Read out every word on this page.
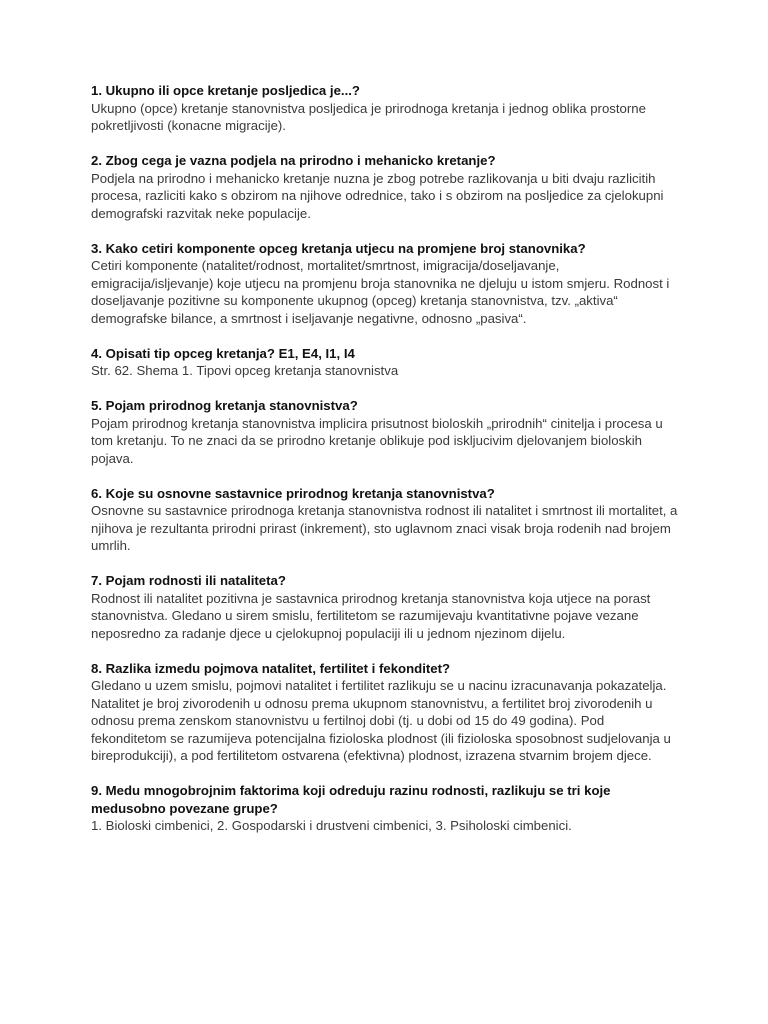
1. Ukupno ili opce kretanje posljedica je...?

Ukupno (opce) kretanje stanovnistva posljedica je prirodnoga kretanja i jednog oblika prostorne pokretljivosti (konacne migracije).

2. Zbog cega je vazna podjela na prirodno i mehanicko kretanje?

Podjela na prirodno i mehanicko kretanje nuzna je zbog potrebe razlikovanja u biti dvaju razlicitih procesa, razliciti kako s obzirom na njihove odrednice, tako i s obzirom na posljedice za cjelokupni demografski razvitak neke populacije.

3. Kako cetiri komponente opceg kretanja utjecu na promjene broj stanovnika?

Cetiri komponente (natalitet/rodnost, mortalitet/smrtnost, imigracija/doseljavanje, emigracija/isljevanje) koje utjecu na promjenu broja stanovnika ne djeluju u istom smjeru. Rodnost i doseljavanje pozitivne su komponente ukupnog (opceg) kretanja stanovnistva, tzv. „aktiva“ demografske bilance, a smrtnost i iseljavanje negativne, odnosno „pasiva“.

4. Opisati tip opceg kretanja? E1, E4, I1, I4

Str. 62. Shema 1. Tipovi opceg kretanja stanovnistva

5. Pojam prirodnog kretanja stanovnistva?

Pojam prirodnog kretanja stanovnistva implicira prisutnost bioloskih „prirodnih“ cinitelja i procesa u tom kretanju. To ne znaci da se prirodno kretanje oblikuje pod iskljucivim djelovanjem bioloskih pojava.

6. Koje su osnovne sastavnice prirodnog kretanja stanovnistva?

Osnovne su sastavnice prirodnoga kretanja stanovnistva rodnost ili natalitet i smrtnost ili mortalitet, a njihova je rezultanta prirodni prirast (inkrement), sto uglavnom znaci visak broja rodenih nad brojem umrlih.

7. Pojam rodnosti ili nataliteta?

Rodnost ili natalitet pozitivna je sastavnica prirodnog kretanja stanovnistva koja utjece na porast stanovnistva. Gledano u sirem smislu, fertilitetom se razumijevaju kvantitativne pojave vezane neposredno za radanje djece u cjelokupnoj populaciji ili u jednom njezinom dijelu.

8. Razlika izmedu pojmova natalitet, fertilitet i fekonditet?

Gledano u uzem smislu, pojmovi natalitet i fertilitet razlikuju se u nacinu izracunavanja pokazatelja. Natalitet je broj zivorodenih u odnosu prema ukupnom stanovnistvu, a fertilitet broj zivorodenih u odnosu prema zenskom stanovnistvu u fertilnoj dobi (tj. u dobi od 15 do 49 godina). Pod fekonditetom se razumijeva potencijalna fizioloska plodnost (ili fizioloska sposobnost sudjelovanja u bireprodukciji), a pod fertilitetom ostvarena (efektivna) plodnost, izrazena stvarnim brojem djece.

9. Medu mnogobrojnim faktorima koji odreduju razinu rodnosti, razlikuju se tri koje medusobno povezane grupe?

1. Bioloski cimbenici, 2. Gospodarski i drustveni cimbenici, 3. Psiholoski cimbenici.
